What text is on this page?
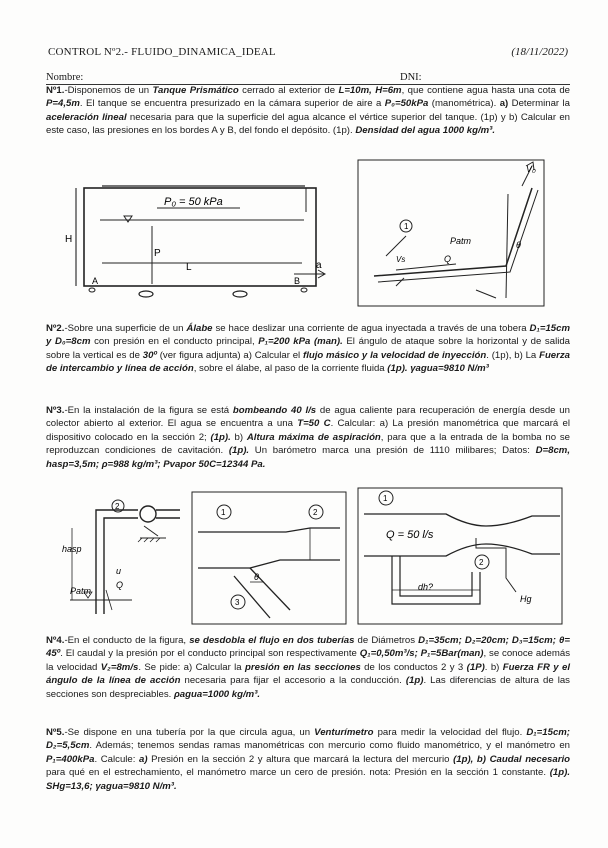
CONTROL Nº2.- FLUIDO_DINAMICA_IDEAL	(18/11/2022)
Nombre:	DNI:
Nº1.-Disponemos de un Tanque Prismático cerrado al exterior de L=10m, H=6m, que contiene agua hasta una cota de P=4,5m. El tanque se encuentra presurizado en la cámara superior de aire a P₀=50kPa (manométrica). a) Determinar la aceleración lineal necesaria para que la superficie del agua alcance el vértice superior del tanque. (1p) y b) Calcular en este caso, las presiones en los bordes A y B, del fondo el depósito. (1p). Densidad del agua 1000 kg/m³.
P₀ = 50 kPa
H
P
L
A	B
a
1
V₀
Patm
Vs	Q
θ
Nº2.-Sobre una superficie de un Álabe se hace deslizar una corriente de agua inyectada a través de una tobera D₁=15cm y D₀=8cm con presión en el conducto principal, P₁=200 kPa (man). El ángulo de ataque sobre la horizontal y de salida sobre la vertical es de 30º (ver figura adjunta) a) Calcular el flujo másico y la velocidad de inyección. (1p), b) La Fuerza de intercambio y línea de acción, sobre el álabe, al paso de la corriente fluida (1p). γagua=9810 N/m³
Nº3.-En la instalación de la figura se está bombeando 40 l/s de agua caliente para recuperación de energía desde un colector abierto al exterior. El agua se encuentra a una T=50 C. Calcular: a) La presión manométrica que marcará el dispositivo colocado en la sección 2; (1p). b) Altura máxima de aspiración, para que a la entrada de la bomba no se reproduzcan condiciones de cavitación. (1p). Un barómetro marca una presión de 1110 milibares; Datos: D=8cm, hasp=3,5m; ρ=988 kg/m³; Pvapor 50C=12344 Pa.
2
hasp
Patm
Q
u
1	2
3
θ
1
2
Q = 50 l/s
dh?
Hg
Nº4.-En el conducto de la figura, se desdobla el flujo en dos tuberías de Diámetros D₁=35cm; D₂=20cm; D₃=15cm; θ= 45º. El caudal y la presión por el conducto principal son respectivamente Q₁=0,50m³/s; P₁=5Bar(man), se conoce además la velocidad V₂=8m/s. Se pide: a) Calcular la presión en las secciones de los conductos 2 y 3 (1P). b) Fuerza FR y el ángulo de la línea de acción necesaria para fijar el accesorio a la conducción. (1p). Las diferencias de altura de las secciones son despreciables. ρagua=1000 kg/m³.
Nº5.-Se dispone en una tubería por la que circula agua, un Venturímetro para medir la velocidad del flujo. D₁=15cm; D₂=5,5cm. Además; tenemos sendas ramas manométricas con mercurio como fluido manométrico, y el manómetro en P₁=400kPa. Calcule: a) Presión en la sección 2 y altura que marcará la lectura del mercurio (1p), b) Caudal necesario para qué en el estrechamiento, el manómetro marce un cero de presión. nota: Presión en la sección 1 constante. (1p). SHg=13,6; γagua=9810 N/m³.
